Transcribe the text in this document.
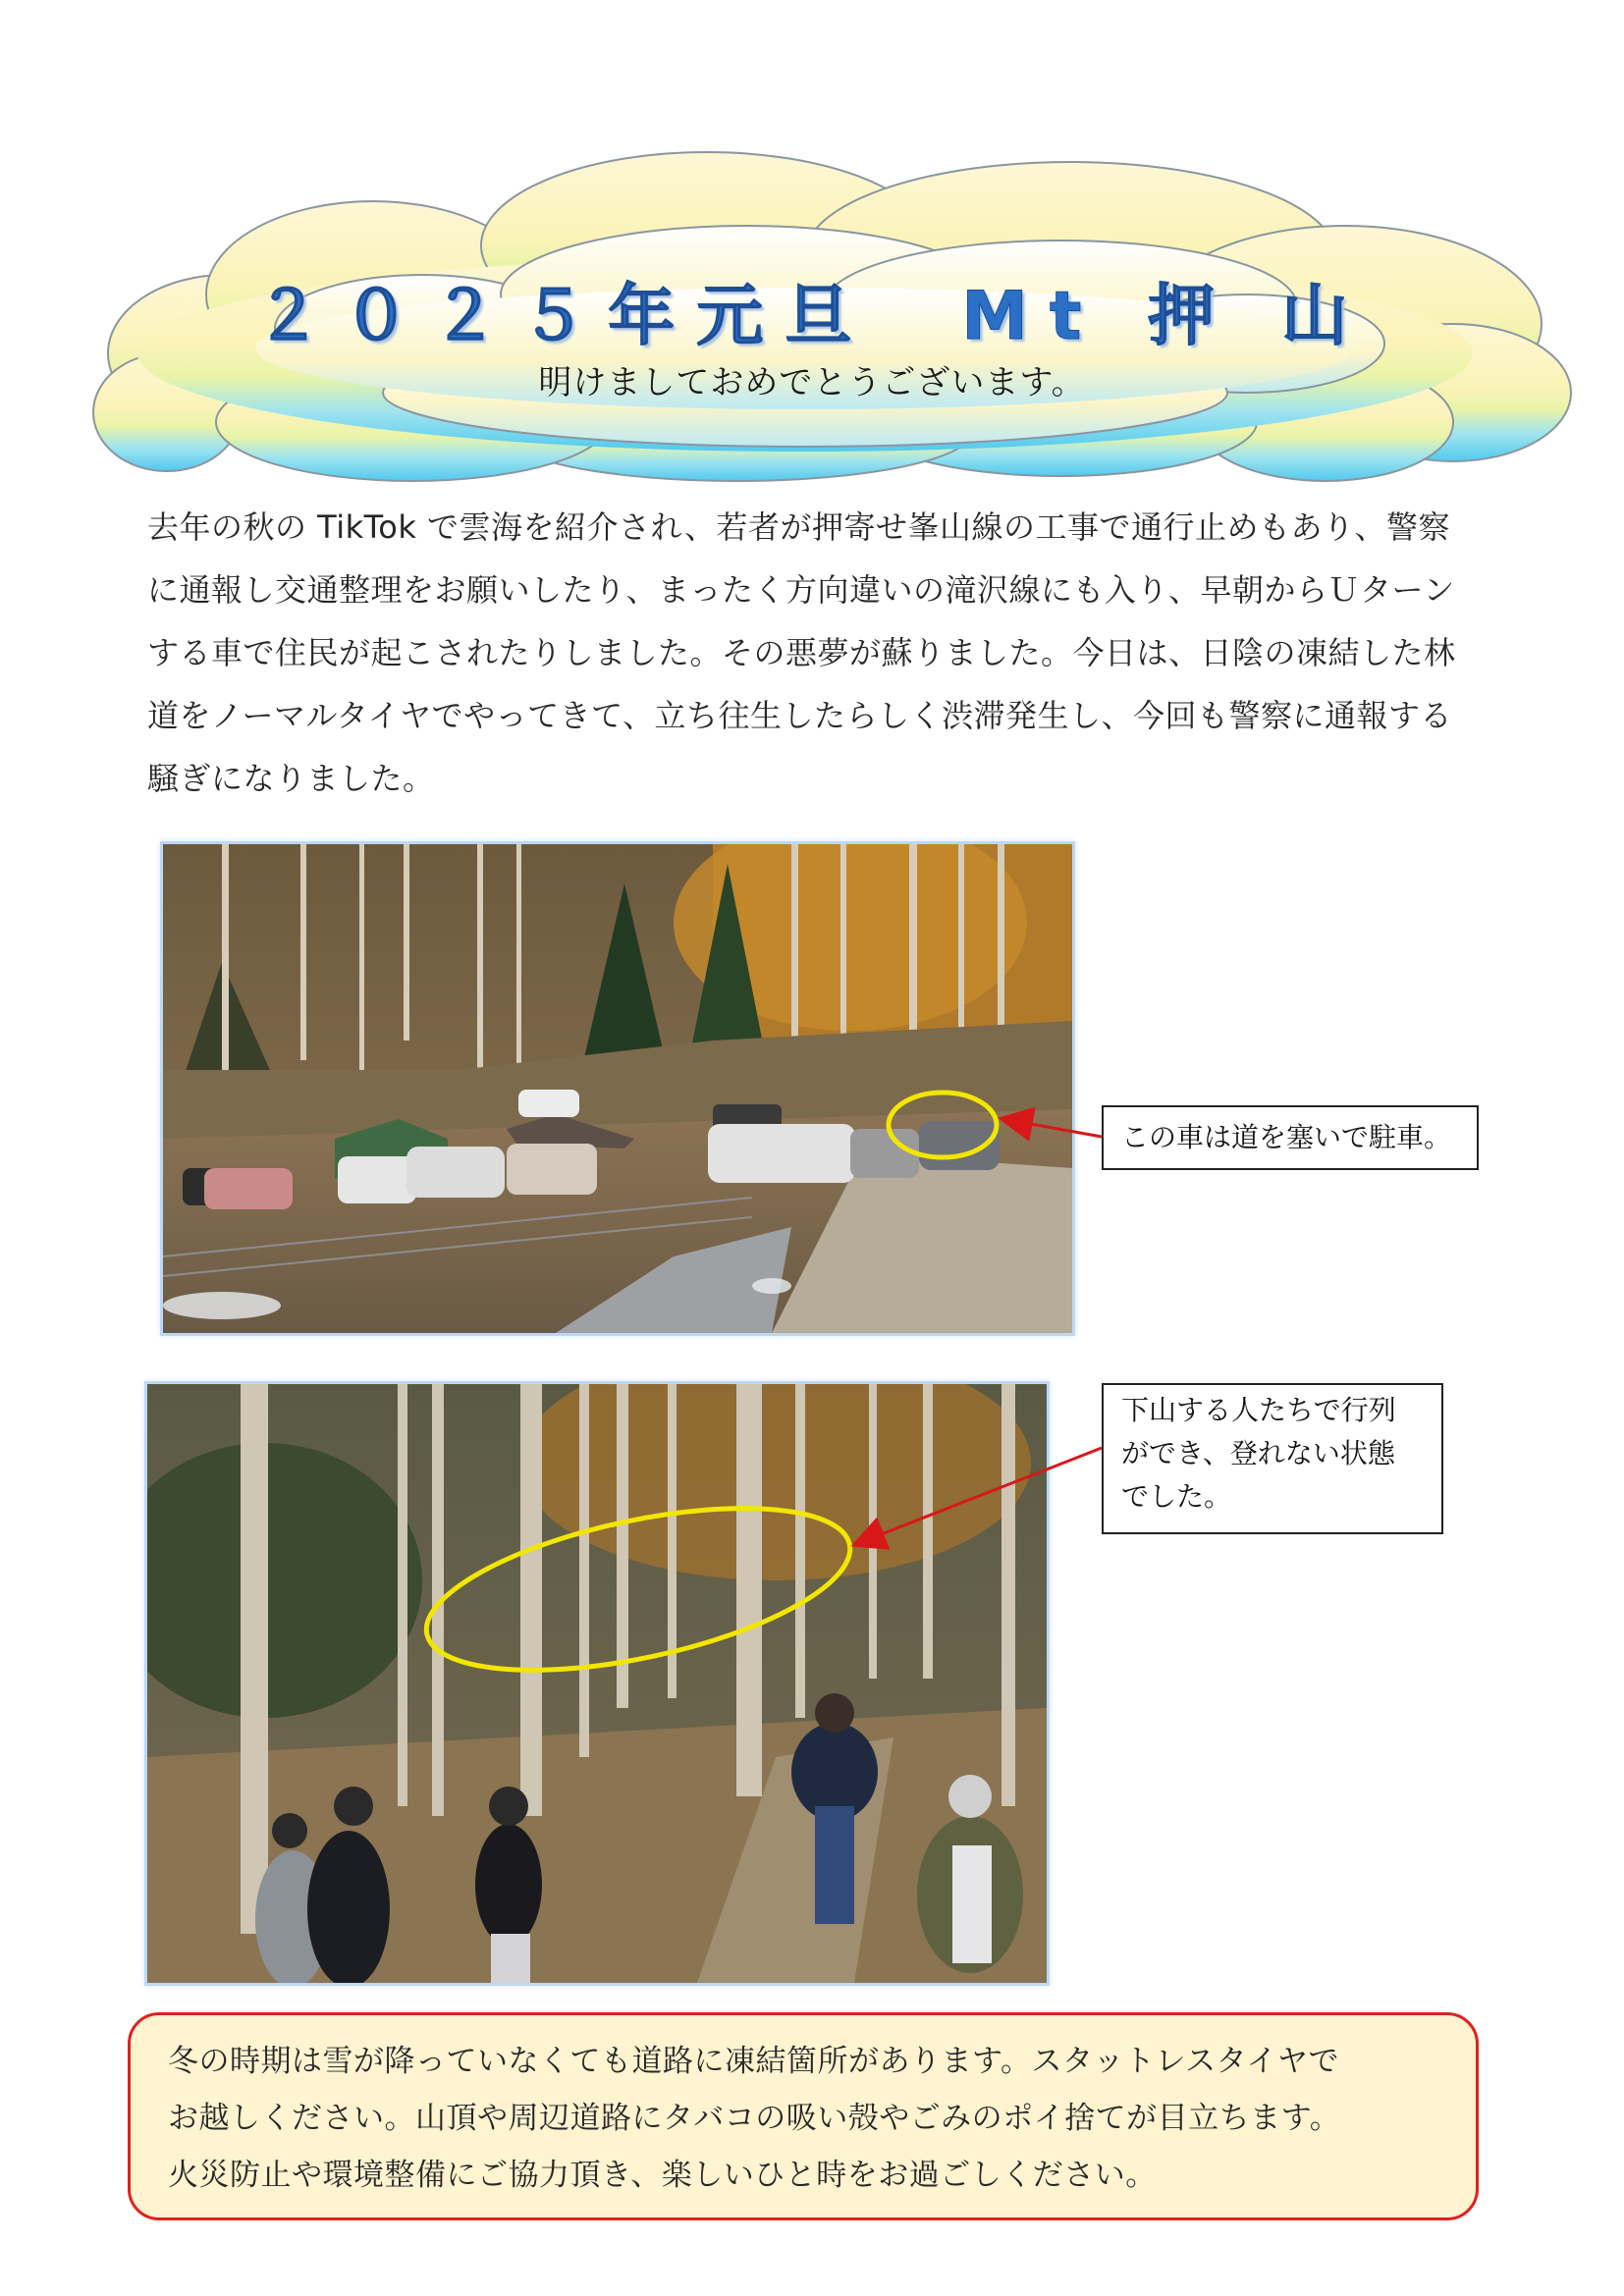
２０２５年元旦　Mt 押 山
明けましておめでとうございます。
去年の秋の TikTok で雲海を紹介され、若者が押寄せ峯山線の工事で通行止めもあり、警察
に通報し交通整理をお願いしたり、まったく方向違いの滝沢線にも入り、早朝からＵターン
する車で住民が起こされたりしました。その悪夢が蘇りました。今日は、日陰の凍結した林
道をノーマルタイヤでやってきて、立ち往生したらしく渋滞発生し、今回も警察に通報する
騒ぎになりました。
この車は道を塞いで駐車。
下山する人たちで行列
ができ、登れない状態
でした。

冬の時期は雪が降っていなくても道路に凍結箇所があります。スタットレスタイヤで

お越しください。山頂や周辺道路にタバコの吸い殻やごみのポイ捨てが目立ちます。

火災防止や環境整備にご協力頂き、楽しいひと時をお過ごしください。
